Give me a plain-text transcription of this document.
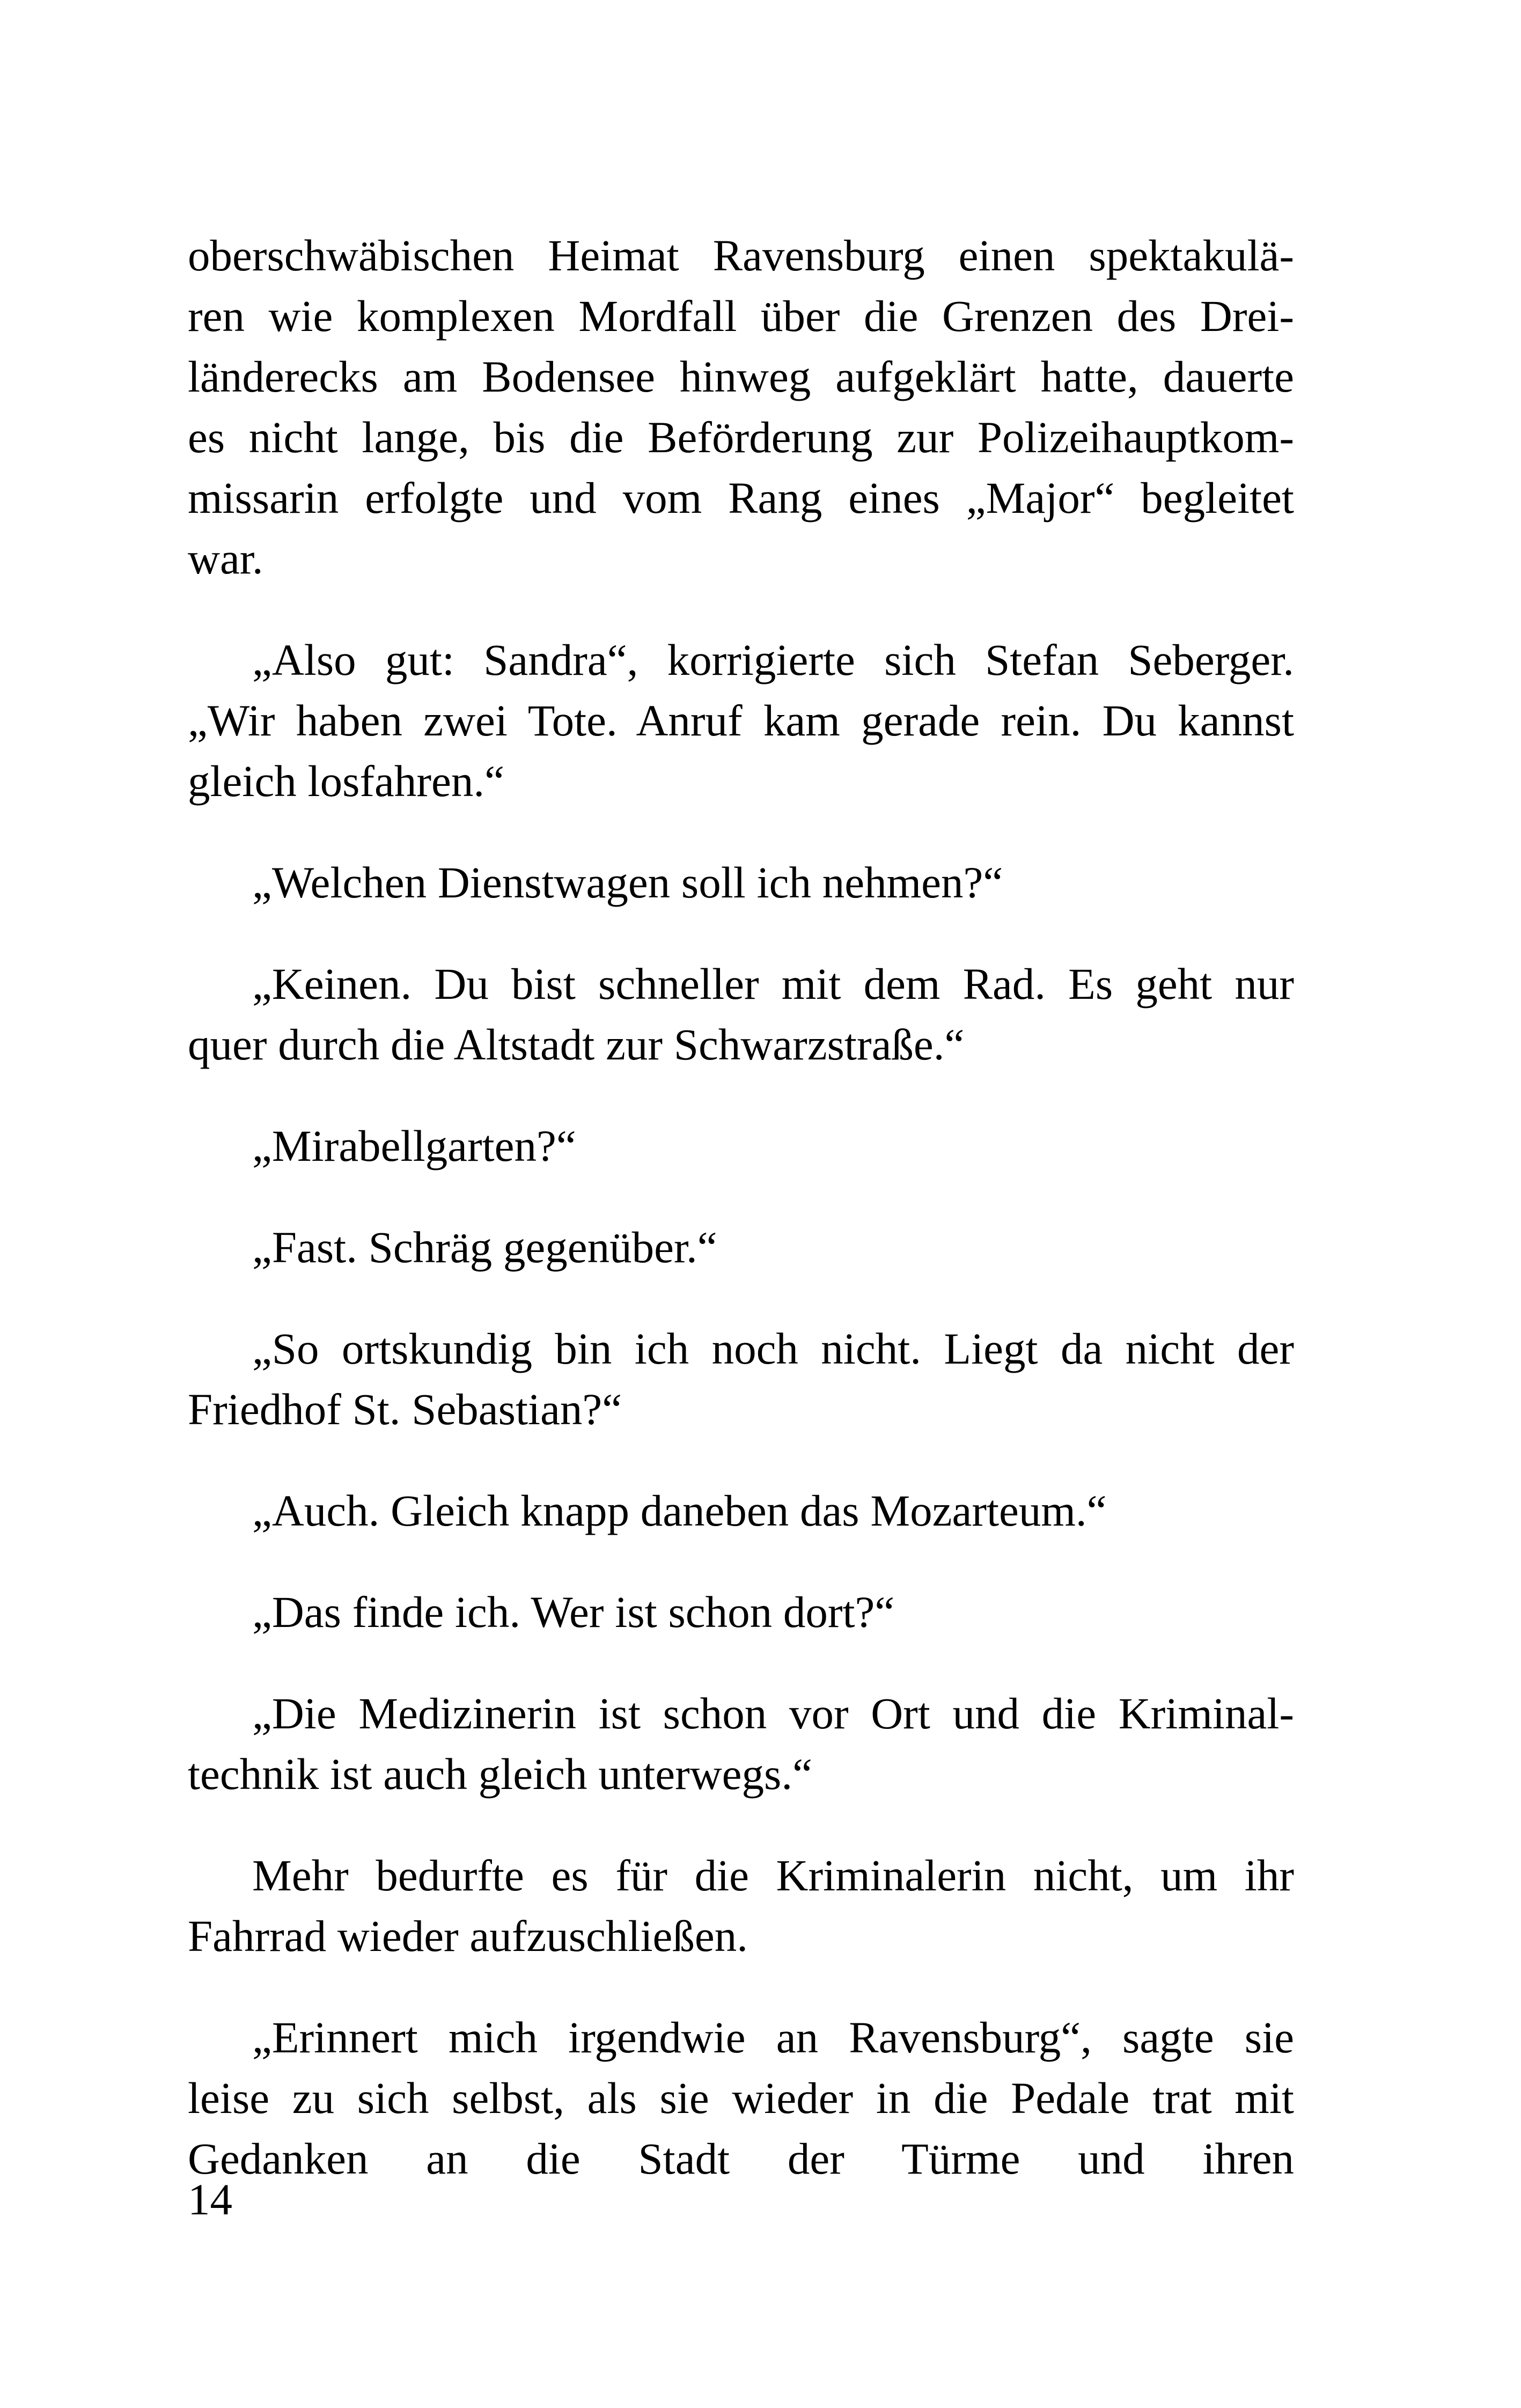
oberschwäbischen Heimat Ravensburg einen spektakulä-
ren wie komplexen Mordfall über die Grenzen des Drei-
länderecks am Bodensee hinweg aufgeklärt hatte, dauerte
es nicht lange, bis die Beförderung zur Polizeihauptkom-
missarin erfolgte und vom Rang eines „Major“ begleitet
war.
„Also gut: Sandra“, korrigierte sich Stefan Seberger.
„Wir haben zwei Tote. Anruf kam gerade rein. Du kannst
gleich losfahren.“
„Welchen Dienstwagen soll ich nehmen?“
„Keinen. Du bist schneller mit dem Rad. Es geht nur
quer durch die Altstadt zur Schwarzstraße.“
„Mirabellgarten?“
„Fast. Schräg gegenüber.“
„So ortskundig bin ich noch nicht. Liegt da nicht der
Friedhof St. Sebastian?“
„Auch. Gleich knapp daneben das Mozarteum.“
„Das finde ich. Wer ist schon dort?“
„Die Medizinerin ist schon vor Ort und die Kriminal-
technik ist auch gleich unterwegs.“
Mehr bedurfte es für die Kriminalerin nicht, um ihr
Fahrrad wieder aufzuschließen.
„Erinnert mich irgendwie an Ravensburg“, sagte sie
leise zu sich selbst, als sie wieder in die Pedale trat mit
Gedanken an die Stadt der Türme und ihren
14
